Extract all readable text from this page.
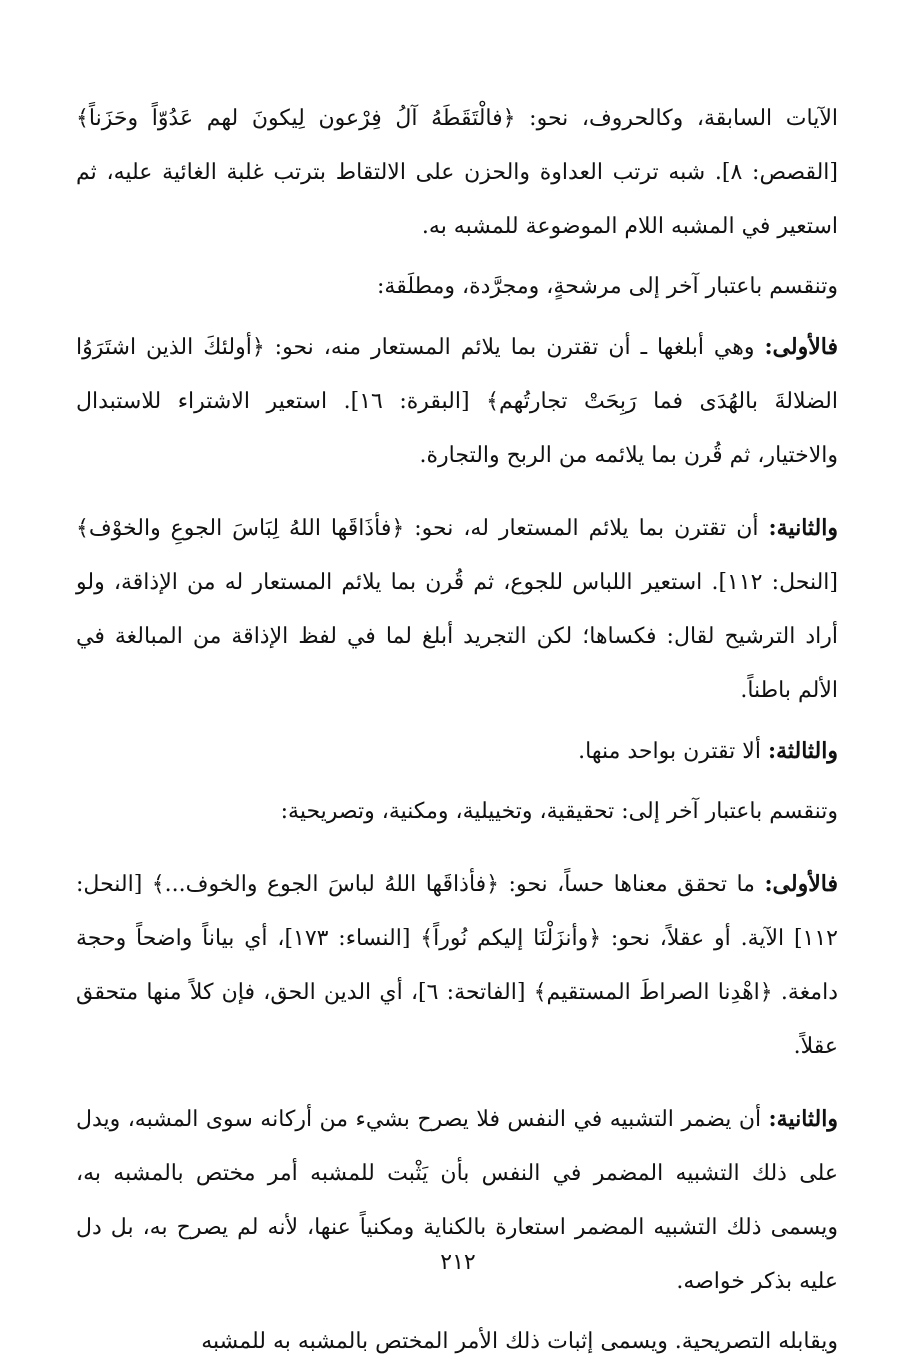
الآيات السابقة، وكالحروف، نحو: ﴿فالْتَقَطَهُ آلُ فِرْعون لِيكونَ لهم عَدُوّاً وحَزَناً﴾ [القصص: ٨]. شبه ترتب العداوة والحزن على الالتقاط بترتب غلبة الغائية عليه، ثم استعير في المشبه اللام الموضوعة للمشبه به.

وتنقسم باعتبار آخر إلى مرشحةٍ، ومجرَّدة، ومطلَقة:

فالأولى: وهي أبلغها ـ أن تقترن بما يلائم المستعار منه، نحو: ﴿أولئكَ الذين اشتَرَوُا الضلالةَ بالهُدَى فما رَبِحَتْ تجارتُهم﴾ [البقرة: ١٦]. استعير الاشتراء للاستبدال والاختيار، ثم قُرن بما يلائمه من الربح والتجارة.

والثانية: أن تقترن بما يلائم المستعار له، نحو: ﴿فأذَاقَها اللهُ لِبَاسَ الجوعِ والخوْف﴾ [النحل: ١١٢]. استعير اللباس للجوع، ثم قُرن بما يلائم المستعار له من الإذاقة، ولو أراد الترشيح لقال: فكساها؛ لكن التجريد أبلغ لما في لفظ الإذاقة من المبالغة في الألم باطناً.

والثالثة: ألا تقترن بواحد منها.

وتنقسم باعتبار آخر إلى: تحقيقية، وتخييلية، ومكنية، وتصريحية:

فالأولى: ما تحقق معناها حساً، نحو: ﴿فأذاقَها اللهُ لباسَ الجوع والخوف...﴾ [النحل: ١١٢] الآية. أو عقلاً، نحو: ﴿وأنزَلْنَا إليكم نُوراً﴾ [النساء: ١٧٣]، أي بياناً واضحاً وحجة دامغة. ﴿اهْدِنا الصراطَ المستقيم﴾ [الفاتحة: ٦]، أي الدين الحق، فإن كلاً منها متحقق عقلاً.

والثانية: أن يضمر التشبيه في النفس فلا يصرح بشيء من أركانه سوى المشبه، ويدل على ذلك التشبيه المضمر في النفس بأن يَثْبت للمشبه أمر مختص بالمشبه به، ويسمى ذلك التشبيه المضمر استعارة بالكناية ومكنياً عنها، لأنه لم يصرح به، بل دل عليه بذكر خواصه.

ويقابله التصريحية. ويسمى إثبات ذلك الأمر المختص بالمشبه به للمشبه

٢١٢
